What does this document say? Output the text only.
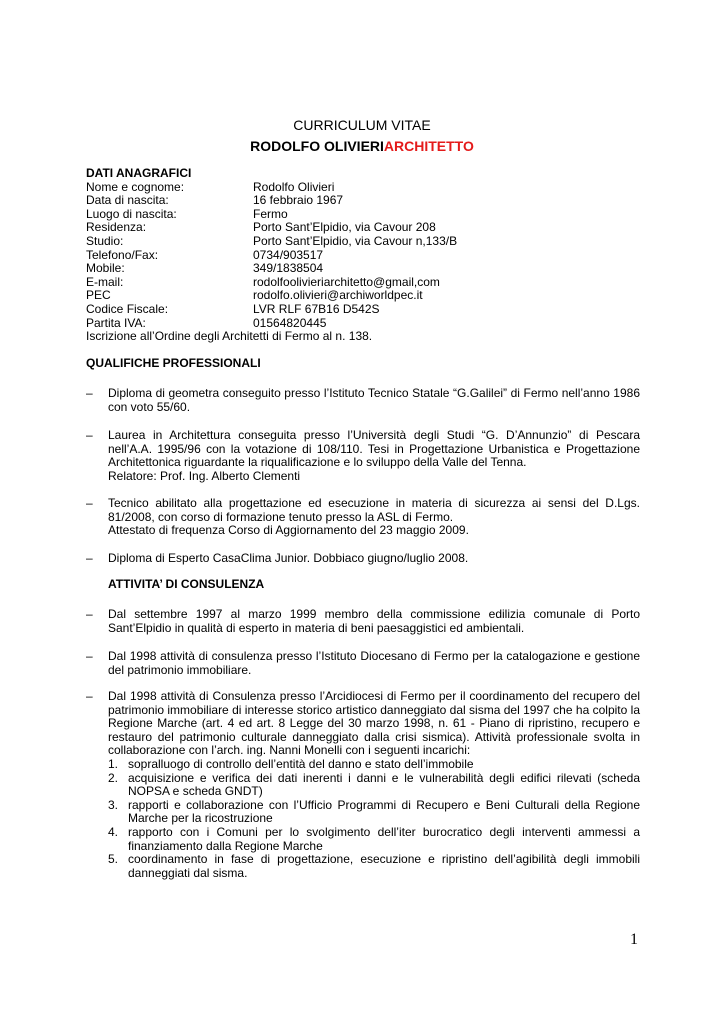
CURRICULUM VITAE
RODOLFO OLIVIERIARCHITETTO
DATI ANAGRAFICI
Nome e cognome:	Rodolfo Olivieri
Data di nascita:	16 febbraio 1967
Luogo di nascita:	Fermo
Residenza:	Porto Sant’Elpidio, via Cavour 208
Studio:	Porto Sant’Elpidio, via Cavour n,133/B
Telefono/Fax:	0734/903517
Mobile:	349/1838504
E-mail:	rodolfoolivieriarchitetto@gmail,com
PEC	rodolfo.olivieri@archiworldpec.it
Codice Fiscale:	LVR RLF 67B16 D542S
Partita IVA:	01564820445
Iscrizione all’Ordine degli Architetti di Fermo al n. 138.
QUALIFICHE PROFESSIONALI
– Diploma di geometra conseguito presso l’Istituto Tecnico Statale “G.Galilei” di Fermo nell’anno 1986 con voto 55/60.
– Laurea in Architettura conseguita presso l’Università degli Studi “G. D’Annunzio” di Pescara nell’A.A. 1995/96 con la votazione di 108/110. Tesi in Progettazione Urbanistica e Progettazione Architettonica riguardante la riqualificazione e lo sviluppo della Valle del Tenna.
Relatore: Prof. Ing. Alberto Clementi
– Tecnico abilitato alla progettazione ed esecuzione in materia di sicurezza ai sensi del D.Lgs. 81/2008, con corso di formazione tenuto presso la ASL di Fermo.
Attestato di frequenza Corso di Aggiornamento del 23 maggio 2009.
– Diploma di Esperto CasaClima Junior. Dobbiaco giugno/luglio 2008.
ATTIVITA’ DI CONSULENZA
– Dal settembre 1997 al marzo 1999 membro della commissione edilizia comunale di Porto Sant’Elpidio in qualità di esperto in materia di beni paesaggistici ed ambientali.
– Dal 1998 attività di consulenza presso l’Istituto Diocesano di Fermo per la catalogazione e gestione del patrimonio immobiliare.
– Dal 1998 attività di Consulenza presso l’Arcidiocesi di Fermo per il coordinamento del recupero del patrimonio immobiliare di interesse storico artistico danneggiato dal sisma del 1997 che ha colpito la Regione Marche (art. 4 ed art. 8 Legge del 30 marzo 1998, n. 61 - Piano di ripristino, recupero e restauro del patrimonio culturale danneggiato dalla crisi sismica). Attività professionale svolta in collaborazione con l’arch. ing. Nanni Monelli con i seguenti incarichi:
1. sopralluogo di controllo dell’entità del danno e stato dell’immobile
2. acquisizione e verifica dei dati inerenti i danni e le vulnerabilità degli edifici rilevati (scheda NOPSA e scheda GNDT)
3. rapporti e collaborazione con l’Ufficio Programmi di Recupero e Beni Culturali della Regione Marche per la ricostruzione
4. rapporto con i Comuni per lo svolgimento dell’iter burocratico degli interventi ammessi a finanziamento dalla Regione Marche
5. coordinamento in fase di progettazione, esecuzione e ripristino dell’agibilità degli immobili danneggiati dal sisma.
1
